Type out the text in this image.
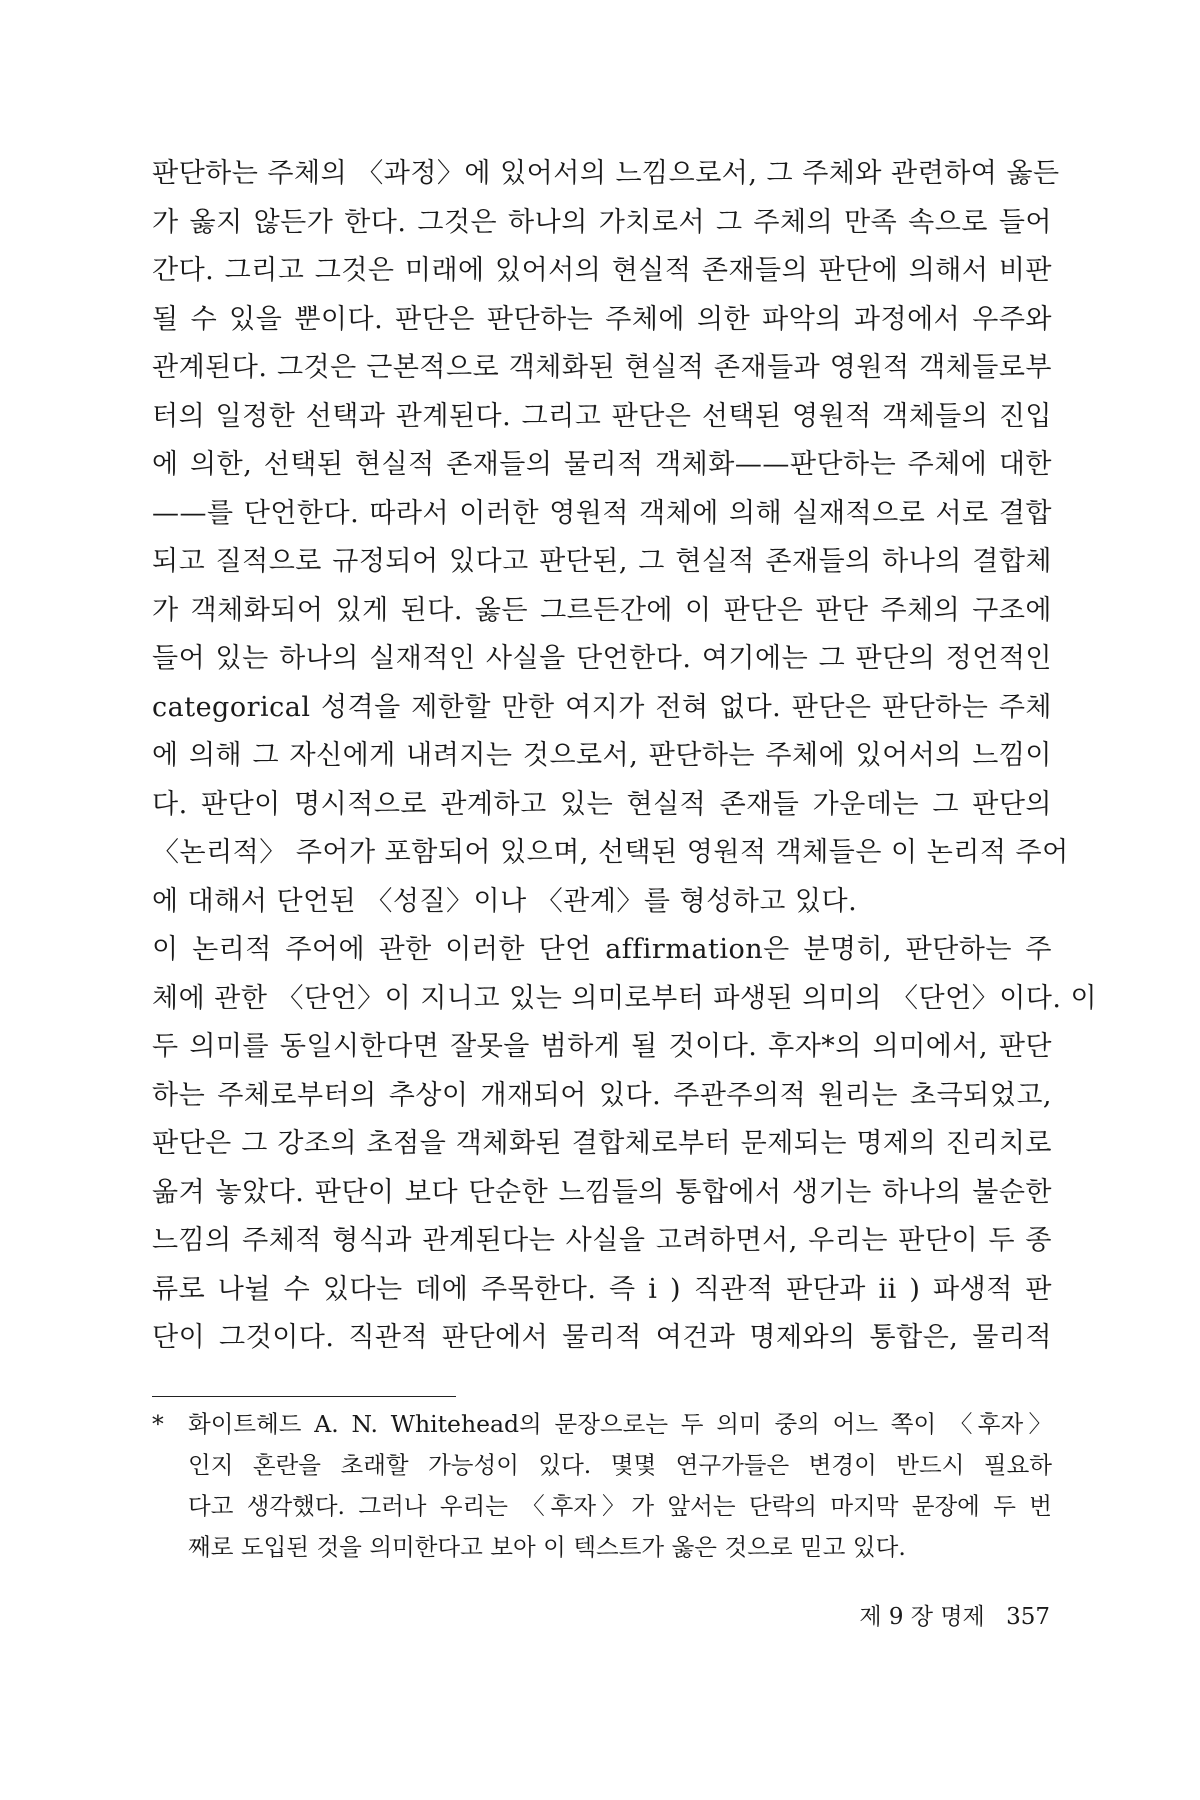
판단하는 주체의 〈과정〉에 있어서의 느낌으로서, 그 주체와 관련하여 옳든
가 옳지 않든가 한다. 그것은 하나의 가치로서 그 주체의 만족 속으로 들어
간다. 그리고 그것은 미래에 있어서의 현실적 존재들의 판단에 의해서 비판
될 수 있을 뿐이다. 판단은 판단하는 주체에 의한 파악의 과정에서 우주와
관계된다. 그것은 근본적으로 객체화된 현실적 존재들과 영원적 객체들로부
터의 일정한 선택과 관계된다. 그리고 판단은 선택된 영원적 객체들의 진입
에 의한, 선택된 현실적 존재들의 물리적 객체화——판단하는 주체에 대한
——를 단언한다. 따라서 이러한 영원적 객체에 의해 실재적으로 서로 결합
되고 질적으로 규정되어 있다고 판단된, 그 현실적 존재들의 하나의 결합체
가 객체화되어 있게 된다. 옳든 그르든간에 이 판단은 판단 주체의 구조에
들어 있는 하나의 실재적인 사실을 단언한다. 여기에는 그 판단의 정언적인
categorical 성격을 제한할 만한 여지가 전혀 없다. 판단은 판단하는 주체
에 의해 그 자신에게 내려지는 것으로서, 판단하는 주체에 있어서의 느낌이
다. 판단이 명시적으로 관계하고 있는 현실적 존재들 가운데는 그 판단의
〈논리적〉 주어가 포함되어 있으며, 선택된 영원적 객체들은 이 논리적 주어
에 대해서 단언된 〈성질〉이나 〈관계〉를 형성하고 있다.
이 논리적 주어에 관한 이러한 단언 affirmation은 분명히, 판단하는 주
체에 관한 〈단언〉이 지니고 있는 의미로부터 파생된 의미의 〈단언〉이다. 이
두 의미를 동일시한다면 잘못을 범하게 될 것이다. 후자*의 의미에서, 판단
하는 주체로부터의 추상이 개재되어 있다. 주관주의적 원리는 초극되었고,
판단은 그 강조의 초점을 객체화된 결합체로부터 문제되는 명제의 진리치로
옮겨 놓았다. 판단이 보다 단순한 느낌들의 통합에서 생기는 하나의 불순한
느낌의 주체적 형식과 관계된다는 사실을 고려하면서, 우리는 판단이 두 종
류로 나뉠 수 있다는 데에 주목한다. 즉 i ) 직관적 판단과 ii ) 파생적 판
단이 그것이다. 직관적 판단에서 물리적 여건과 명제와의 통합은, 물리적
* 화이트헤드 A. N. Whitehead의 문장으로는 두 의미 중의 어느 쪽이 〈후자〉
인지 혼란을 초래할 가능성이 있다. 몇몇 연구가들은 변경이 반드시 필요하
다고 생각했다. 그러나 우리는 〈후자〉가 앞서는 단락의 마지막 문장에 두 번
째로 도입된 것을 의미한다고 보아 이 텍스트가 옳은 것으로 믿고 있다.
제 9 장 명제 357
